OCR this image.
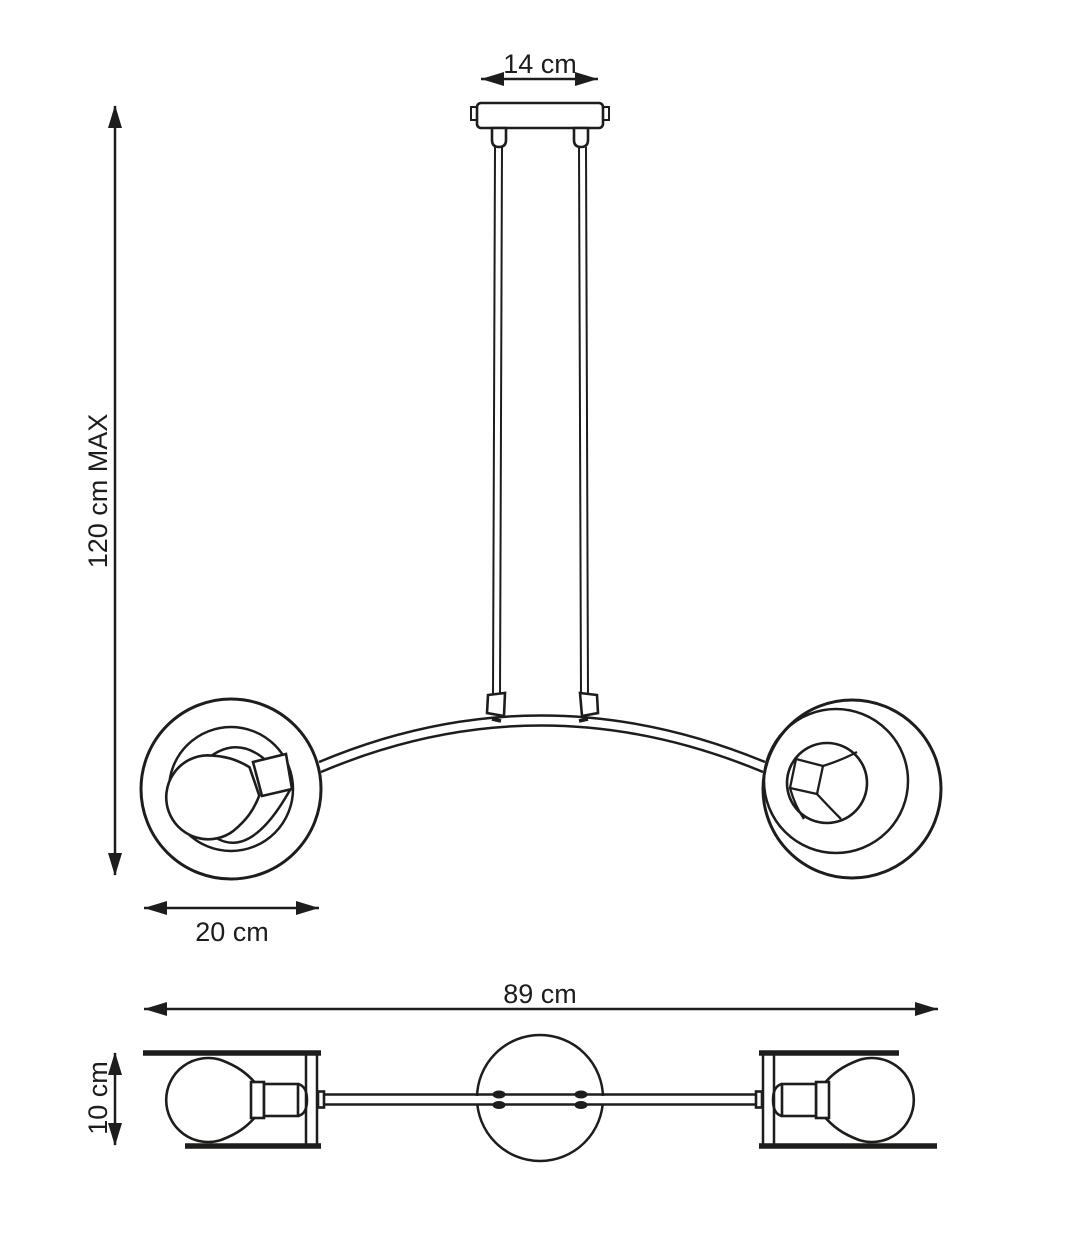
14 cm
120 cm MAX
20 cm
89 cm
10 cm
